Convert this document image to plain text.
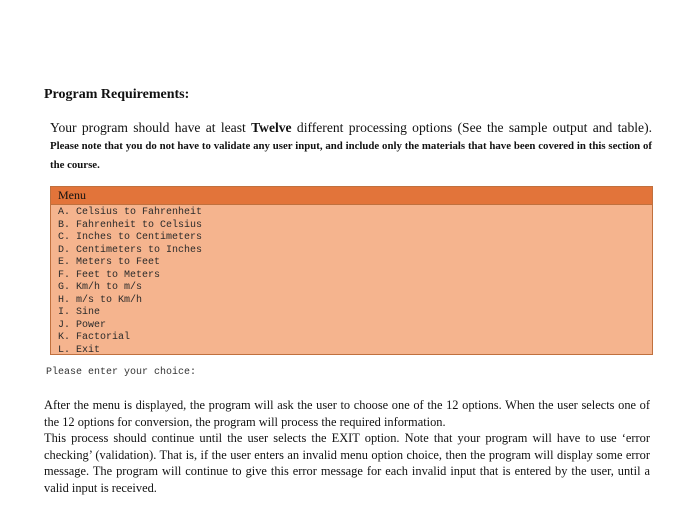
Program Requirements:
Your program should have at least Twelve different processing options (See the sample output and table). Please note that you do not have to validate any user input, and include only the materials that have been covered in this section of the course.
Menu
A. Celsius to Fahrenheit
B. Fahrenheit to Celsius
C. Inches to Centimeters
D. Centimeters to Inches
E. Meters to Feet
F. Feet to Meters
G. Km/h to m/s
H. m/s to Km/h
I. Sine
J. Power
K. Factorial
L. Exit
Please enter your choice:

After the menu is displayed, the program will ask the user to choose one of the 12 options. When the user selects one of the 12 options for conversion, the program will process the required information.

This process should continue until the user selects the EXIT option. Note that your program will have to use ‘error checking’ (validation). That is, if the user enters an invalid menu option choice, then the program will display some error message. The program will continue to give this error message for each invalid input that is entered by the user, until a valid input is received.
